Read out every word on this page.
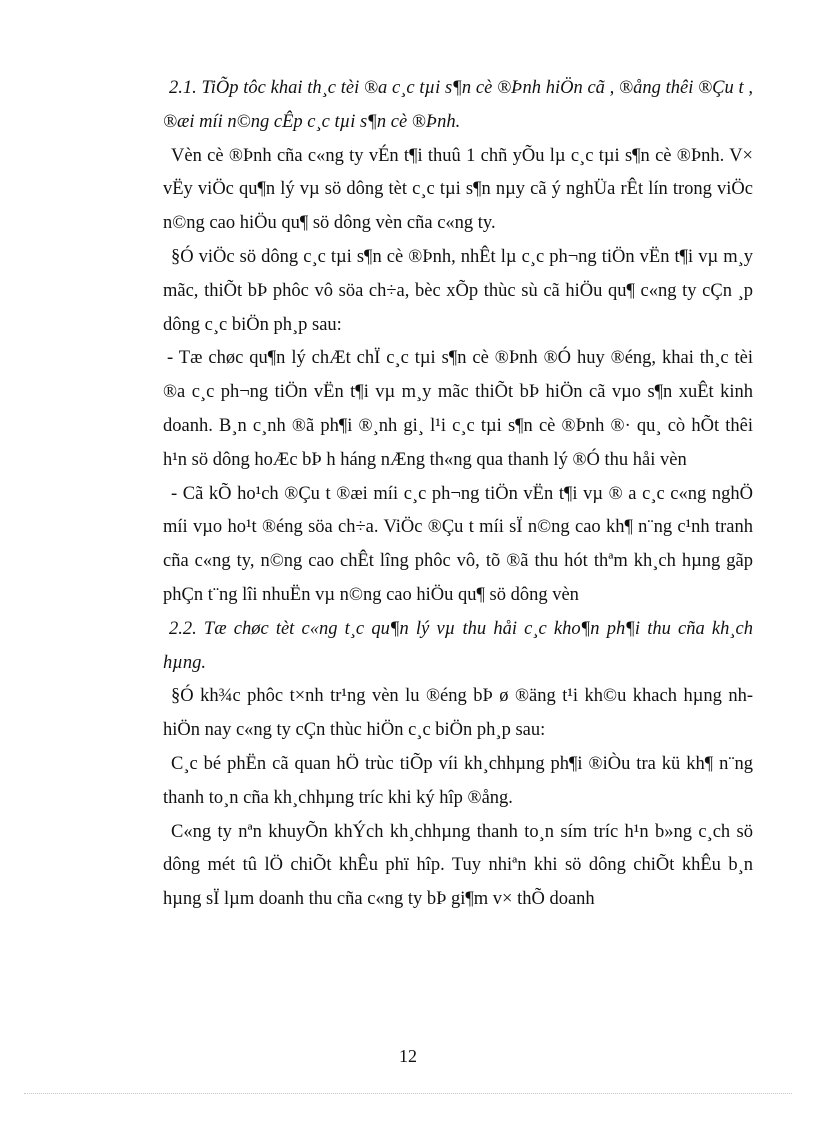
2.1. TiÕp tôc khai th¸c tèi ®a c¸c tµi s¶n cè ®Þnh hiÖn cã , ®ång thêi ®Çu t , ®æi míi n©ng cÊp c¸c tµi s¶n cè ®Þnh.

Vèn cè ®Þnh cña c«ng ty vÉn t¶i thuû 1 chñ yÕu lµ c¸c tµi s¶n cè ®Þnh. V× vËy viÖc qu¶n lý vµ sö dông tèt c¸c tµi s¶n nµy cã ý nghÜa rÊt lín trong viÖc n©ng cao hiÖu qu¶ sö dông vèn cña c«ng ty.

§Ó viÖc sö dông c¸c tµi s¶n cè ®Þnh, nhÊt lµ c¸c ph¬ng tiÖn vËn t¶i vµ m¸y mãc, thiÕt bÞ phôc vô söa ch÷a, bèc xÕp thùc sù cã hiÖu qu¶ c«ng ty cÇn ¸p dông c¸c biÖn ph¸p sau:

- Tæ chøc qu¶n lý chÆt chÏ c¸c tµi s¶n cè ®Þnh ®Ó huy ®éng, khai th¸c tèi ®a c¸c ph¬ng tiÖn vËn t¶i vµ m¸y mãc thiÕt bÞ hiÖn cã vµo s¶n xuÊt kinh doanh. B¸n c¸nh ®ã ph¶i ®¸nh gi¸ l¹i c¸c tµi s¶n cè ®Þnh ®· qu¸ cò hÕt thêi h¹n sö dông hoÆc bÞ h háng nÆng th«ng qua thanh lý ®Ó thu håi vèn

- Cã kÕ ho¹ch ®Çu t ®æi míi c¸c ph¬ng tiÖn vËn t¶i vµ ® a c¸c c«ng nghÖ míi vµo ho¹t ®éng söa ch÷a. ViÖc ®Çu t míi sÏ n©ng cao kh¶ n¨ng c¹nh tranh cña c«ng ty, n©ng cao chÊt lîng phôc vô, tõ ®ã thu hót thªm kh¸ch hµng gãp phÇn t¨ng lîi nhuËn vµ n©ng cao hiÖu qu¶ sö dông vèn

2.2. Tæ chøc tèt c«ng t¸c qu¶n lý vµ thu håi c¸c kho¶n ph¶i thu cña kh¸ch hµng.

§Ó kh¾c phôc t×nh tr¹ng vèn lu ®éng bÞ ø ®äng t¹i kh©u khach hµng nh hiÖn nay c«ng ty cÇn thùc hiÖn c¸c biÖn ph¸p sau:

C¸c bé phËn cã quan hÖ trùc tiÕp víi kh¸chhµng ph¶i ®iÒu tra kü kh¶ n¨ng thanh to¸n cña kh¸chhµng tríc khi ký hîp ®ång.

C«ng ty nªn khuyÕn khÝch kh¸chhµng thanh to¸n sím tríc h¹n b»ng c¸ch sö dông mét tû lÖ chiÕt khÊu phï hîp. Tuy nhiªn khi sö dông chiÕt khÊu b¸n hµng sÏ lµm doanh thu cña c«ng ty bÞ gi¶m v× thÕ doanh

12
